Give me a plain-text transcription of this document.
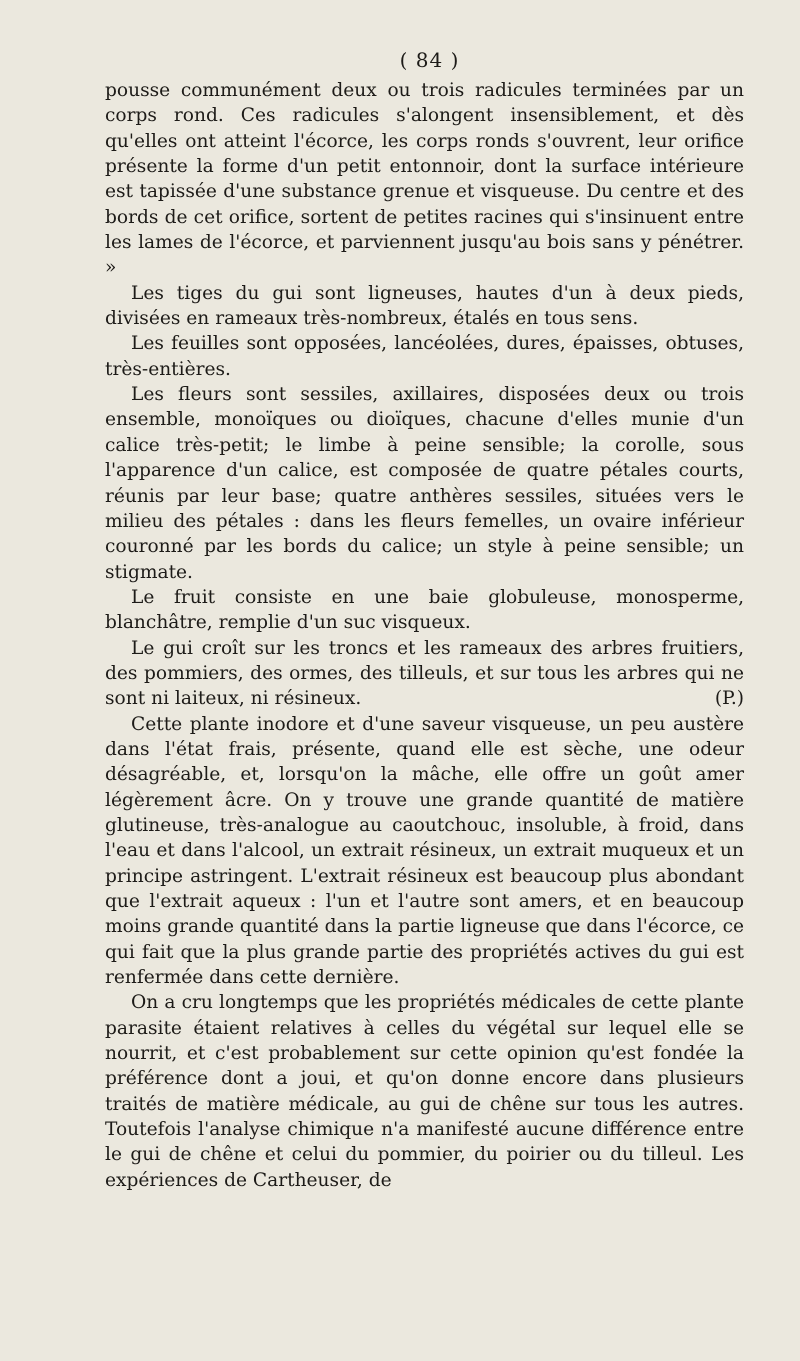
( 84 )

pousse communément deux ou trois radicules terminées par un corps rond. Ces radicules s'alongent insensiblement, et dès qu'elles ont atteint l'écorce, les corps ronds s'ouvrent, leur orifice présente la forme d'un petit entonnoir, dont la surface intérieure est tapissée d'une substance grenue et visqueuse. Du centre et des bords de cet orifice, sortent de petites racines qui s'insinuent entre les lames de l'écorce, et parviennent jusqu'au bois sans y pénétrer. »

Les tiges du gui sont ligneuses, hautes d'un à deux pieds, divisées en rameaux très-nombreux, étalés en tous sens.

Les feuilles sont opposées, lancéolées, dures, épaisses, obtuses, très-entières.

Les fleurs sont sessiles, axillaires, disposées deux ou trois ensemble, monoïques ou dioïques, chacune d'elles munie d'un calice très-petit; le limbe à peine sensible; la corolle, sous l'apparence d'un calice, est composée de quatre pétales courts, réunis par leur base; quatre anthères sessiles, situées vers le milieu des pétales : dans les fleurs femelles, un ovaire inférieur couronné par les bords du calice; un style à peine sensible; un stigmate.

Le fruit consiste en une baie globuleuse, monosperme, blanchâtre, remplie d'un suc visqueux.

Le gui croît sur les troncs et les rameaux des arbres fruitiers, des pommiers, des ormes, des tilleuls, et sur tous les arbres qui ne sont ni laiteux, ni résineux.	(P.)

Cette plante inodore et d'une saveur visqueuse, un peu austère dans l'état frais, présente, quand elle est sèche, une odeur désagréable, et, lorsqu'on la mâche, elle offre un goût amer légèrement âcre. On y trouve une grande quantité de matière glutineuse, très-analogue au caoutchouc, insoluble, à froid, dans l'eau et dans l'alcool, un extrait résineux, un extrait muqueux et un principe astringent. L'extrait résineux est beaucoup plus abondant que l'extrait aqueux : l'un et l'autre sont amers, et en beaucoup moins grande quantité dans la partie ligneuse que dans l'écorce, ce qui fait que la plus grande partie des propriétés actives du gui est renfermée dans cette dernière.

On a cru longtemps que les propriétés médicales de cette plante parasite étaient relatives à celles du végétal sur lequel elle se nourrit, et c'est probablement sur cette opinion qu'est fondée la préférence dont a joui, et qu'on donne encore dans plusieurs traités de matière médicale, au gui de chêne sur tous les autres. Toutefois l'analyse chimique n'a manifesté aucune différence entre le gui de chêne et celui du pommier, du poirier ou du tilleul. Les expériences de Cartheuser, de
